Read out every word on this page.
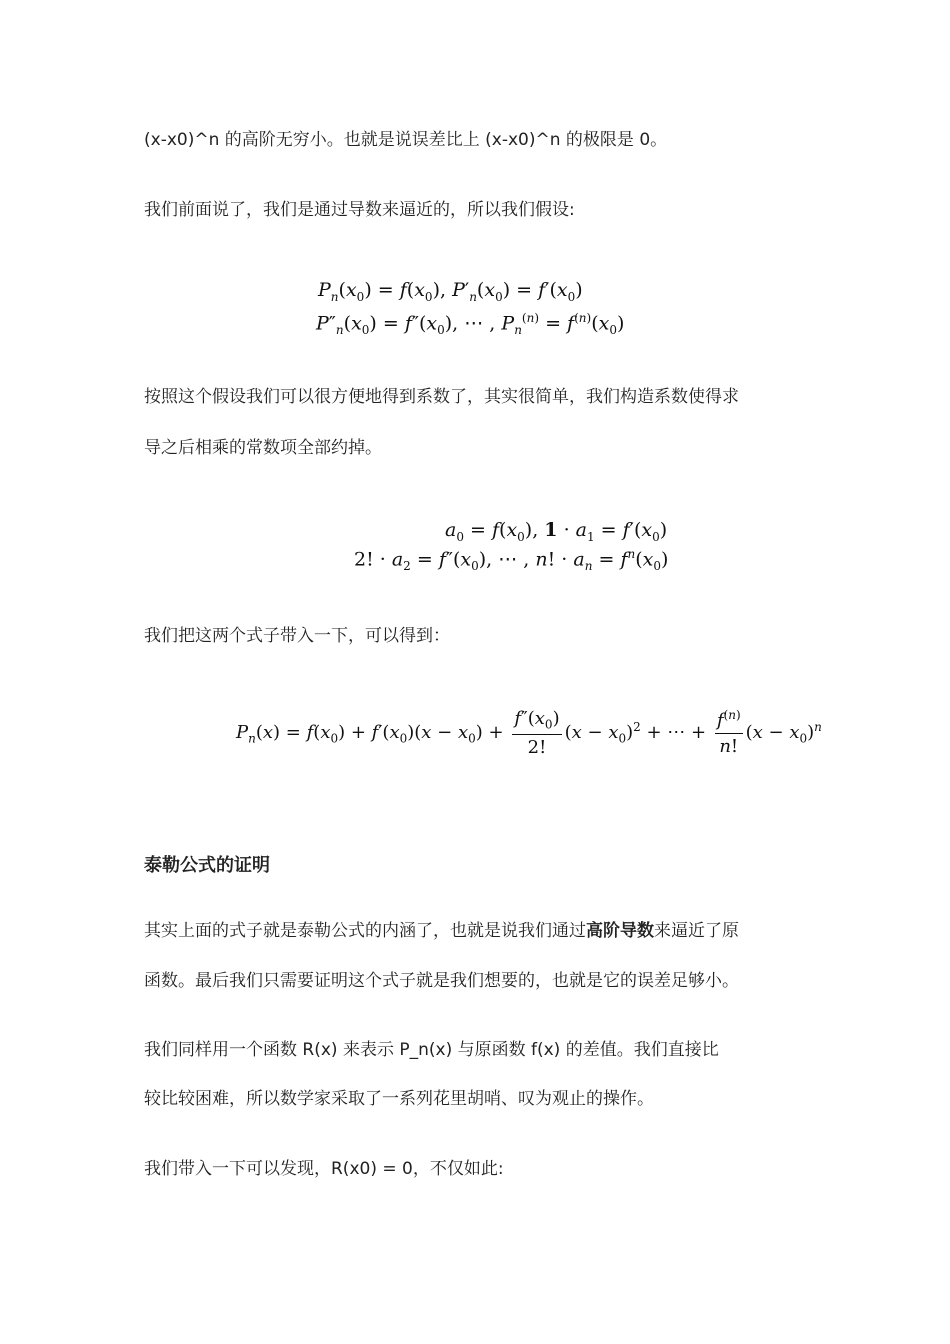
(x-x0)^n 的高阶无穷小。也就是说误差比上 (x-x0)^n 的极限是 0。
我们前面说了，我们是通过导数来逼近的，所以我们假设:
$P_n(x_0) = f(x_0)$, $P'_n(x_0) = f'(x_0)$
$P''_n(x_0) = f''(x_0)$, ⋯ , $P_n^{(n)} = f^{(n)}(x_0)$
按照这个假设我们可以很方便地得到系数了，其实很简单，我们构造系数使得求
导之后相乘的常数项全部约掉。
$a_0 = f(x_0)$, $1 \cdot a_1 = f'(x_0)$
2! · $a_2 = f''(x_0)$, ⋯ , n! · $a_n = f^n(x_0)$
我们把这两个式子带入一下，可以得到：
$P_n(x) = f(x_0) + f'(x_0)(x - x_0) + \frac{f''(x_0)}{2!} (x - x_0)^2$ + ⋯ + $\frac{f^{(n)}}{n!} (x - x_0)^n$
泰勒公式的证明
其实上面的式子就是泰勒公式的内涵了，也就是说我们通过高阶导数来逼近了原
函数。最后我们只需要证明这个式子就是我们想要的，也就是它的误差足够小。
我们同样用一个函数 R(x) 来表示 P_n(x) 与原函数 f(x) 的差值。我们直接比
较比较困难，所以数学家采取了一系列花里胡哨、叹为观止的操作。
我们带入一下可以发现，R(x0) = 0，不仅如此:
